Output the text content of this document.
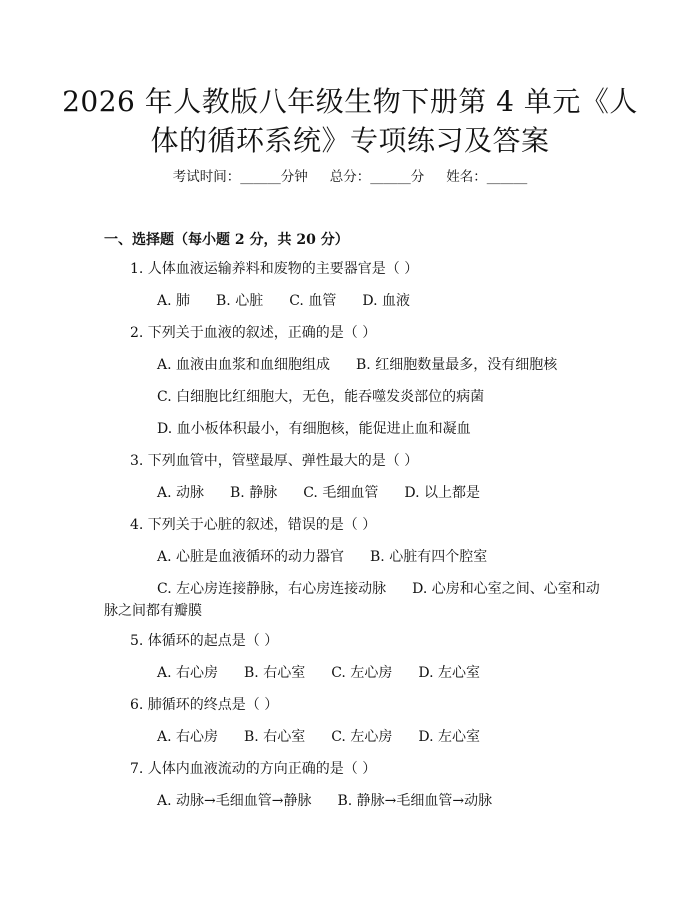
2026 年人教版八年级生物下册第 4 单元《人
体的循环系统》专项练习及答案
考试时间：______分钟 总分：______分 姓名：______
一、选择题（每小题 2 分，共 20 分）
1. 人体血液运输养料和废物的主要器官是（ ）
A. 肺 B. 心脏 C. 血管 D. 血液
2. 下列关于血液的叙述，正确的是（ ）
A. 血液由血浆和血细胞组成 B. 红细胞数量最多，没有细胞核
C. 白细胞比红细胞大，无色，能吞噬发炎部位的病菌
D. 血小板体积最小，有细胞核，能促进止血和凝血
3. 下列血管中，管壁最厚、弹性最大的是（ ）
A. 动脉 B. 静脉 C. 毛细血管 D. 以上都是
4. 下列关于心脏的叙述，错误的是（ ）
A. 心脏是血液循环的动力器官 B. 心脏有四个腔室
C. 左心房连接静脉，右心房连接动脉 D. 心房和心室之间、心室和动
脉之间都有瓣膜
5. 体循环的起点是（ ）
A. 右心房 B. 右心室 C. 左心房 D. 左心室
6. 肺循环的终点是（ ）
A. 右心房 B. 右心室 C. 左心房 D. 左心室
7. 人体内血液流动的方向正确的是（ ）
A. 动脉→毛细血管→静脉 B. 静脉→毛细血管→动脉
